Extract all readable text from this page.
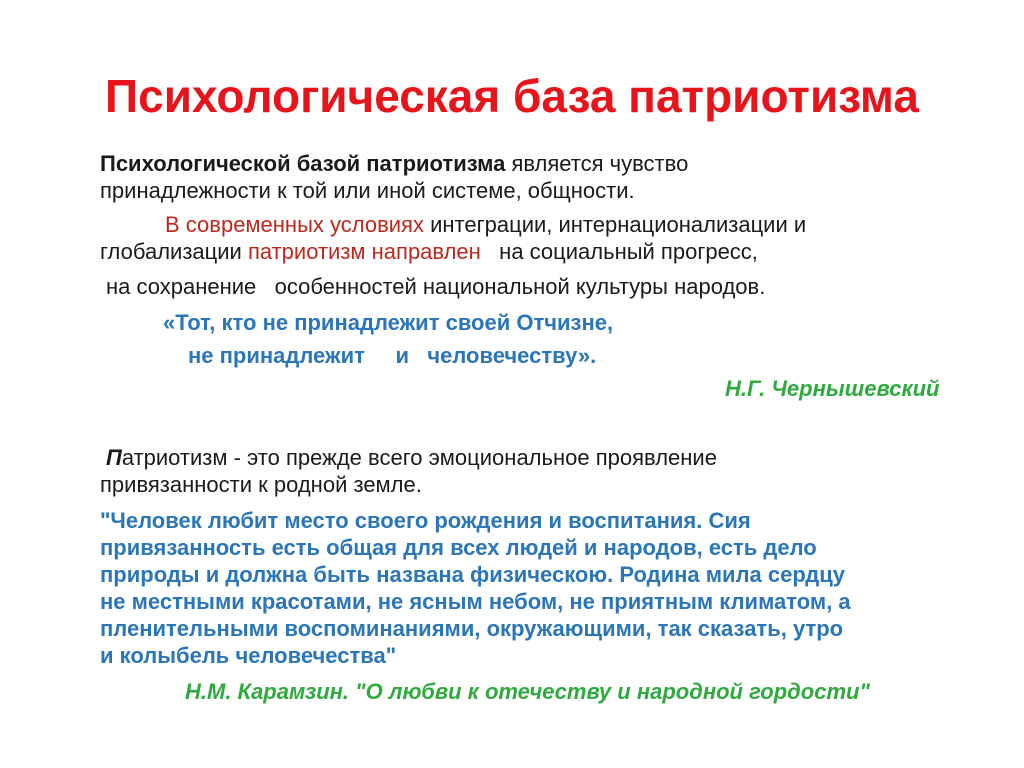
Психологическая база патриотизма
Психологической базой патриотизма является чувство
принадлежности к той или иной системе, общности.
В современных условиях интеграции, интернационализации и
глобализации патриотизм направлен   на социальный прогресс,
на сохранение   особенностей национальной культуры народов.
«Тот, кто не принадлежит своей Отчизне,
не принадлежит     и   человечеству».
Н.Г. Чернышевский
Патриотизм - это прежде всего эмоциональное проявление
привязанности к родной земле.
"Человек любит место своего рождения и воспитания. Сия
привязанность есть общая для всех людей и народов, есть дело
природы и должна быть названа физическою. Родина мила сердцу
не местными красотами, не ясным небом, не приятным климатом, а
пленительными воспоминаниями, окружающими, так сказать, утро
и колыбель человечества"
Н.М. Карамзин. "О любви к отечеству и народной гордости"
